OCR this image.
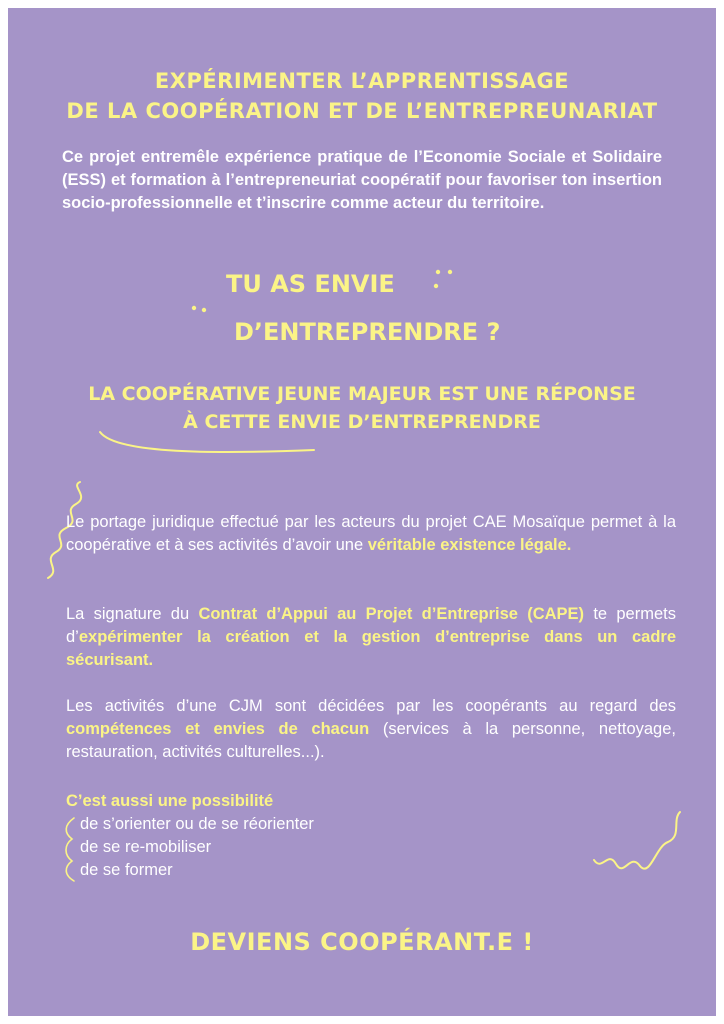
EXPÉRIMENTER L’APPRENTISSAGE
DE LA COOPÉRATION ET DE L’ENTREPREUNARIAT
Ce projet entremêle expérience pratique de l’Economie Sociale et Solidaire (ESS) et formation à l’entrepreneuriat coopératif pour favoriser ton insertion socio-professionnelle et t’inscrire comme acteur du territoire.
TU AS ENVIE
D’ENTREPRENDRE ?
LA COOPÉRATIVE JEUNE MAJEUR EST UNE RÉPONSE
À CETTE ENVIE D’ENTREPRENDRE
Le portage juridique effectué par les acteurs du projet CAE Mosaïque permet à la coopérative et à ses activités d’avoir une véritable existence légale.
La signature du Contrat d’Appui au Projet d’Entreprise (CAPE) te permets d’expérimenter la création et la gestion d’entreprise dans un cadre sécurisant.
Les activités d’une CJM sont décidées par les coopérants au regard des compétences et envies de chacun (services à la personne, nettoyage, restauration, activités culturelles...).
C’est aussi une possibilité
de s’orienter ou de se réorienter
de se re-mobiliser
de se former
DEVIENS COOPÉRANT.E !
